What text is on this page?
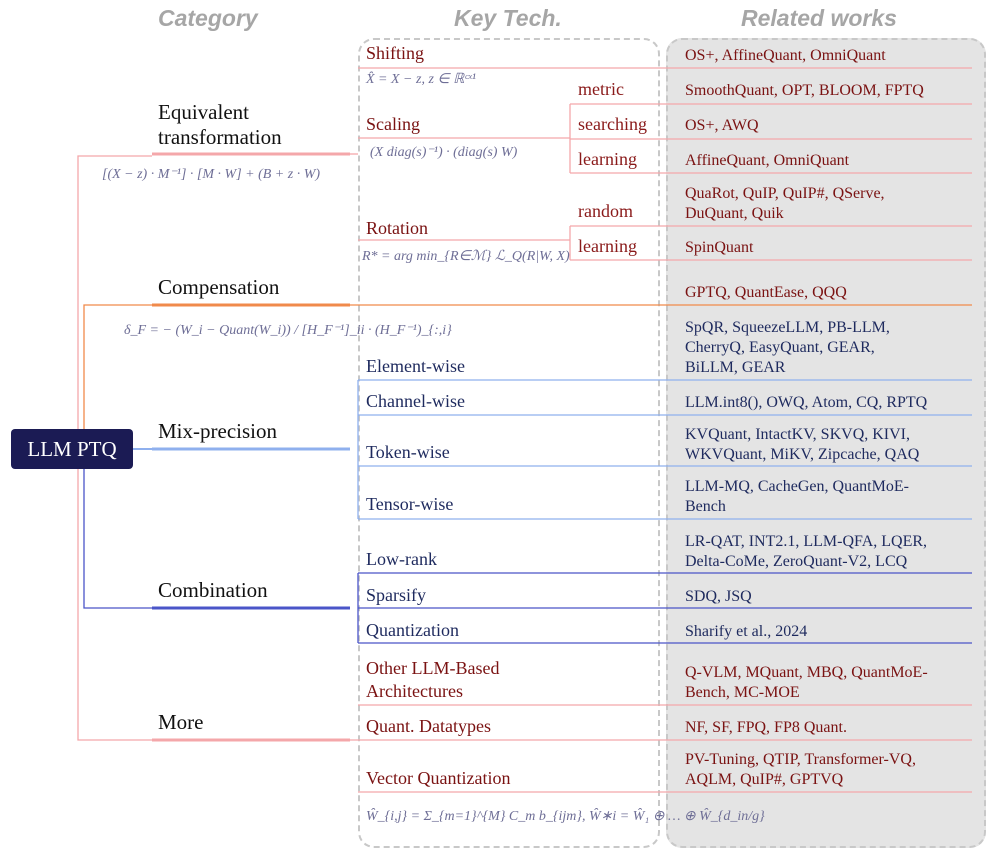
Category	Key Tech.	Related works
LLM PTQ
Equivalent
transformation
Compensation
Mix-precision
Combination
More
[(X − z) · M⁻¹] · [M · W] + (B + z · W)
X̂ = X − z, z ∈ ℝᶜˣ¹
(X diag(s)⁻¹) · (diag(s) W)
R* = arg min_{R∈ℳ} ℒ_Q(R|W, X)
δ_F = − (W_i − Quant(W_i)) / [H_F⁻¹]_ii · (H_F⁻¹)_{:,i}
Ŵ_{i,j} = Σ_{m=1}^{M} C_m b_{ijm}, Ŵ∗i = Ŵ₁ ⊕ … ⊕ Ŵ_{d_in/g}
Shifting
Scaling
Rotation
metric
searching
learning
random
learning
Element-wise
Channel-wise
Token-wise
Tensor-wise
Low-rank
Sparsify
Quantization
Other LLM-Based
Architectures
Quant. Datatypes
Vector Quantization
OS+, AffineQuant, OmniQuant
SmoothQuant, OPT, BLOOM, FPTQ
OS+, AWQ
AffineQuant, OmniQuant
QuaRot, QuIP, QuIP#, QServe,
DuQuant, Quik
SpinQuant
GPTQ, QuantEase, QQQ
SpQR, SqueezeLLM, PB-LLM,
CherryQ, EasyQuant, GEAR,
BiLLM, GEAR
LLM.int8(), OWQ, Atom, CQ, RPTQ
KVQuant, IntactKV, SKVQ, KIVI,
WKVQuant, MiKV, Zipcache, QAQ
LLM-MQ, CacheGen, QuantMoE-
Bench
LR-QAT, INT2.1, LLM-QFA, LQER,
Delta-CoMe, ZeroQuant-V2, LCQ
SDQ, JSQ
Sharify et al., 2024
Q-VLM, MQuant, MBQ, QuantMoE-
Bench, MC-MOE
NF, SF, FPQ, FP8 Quant.
PV-Tuning, QTIP, Transformer-VQ,
AQLM, QuIP#, GPTVQ
